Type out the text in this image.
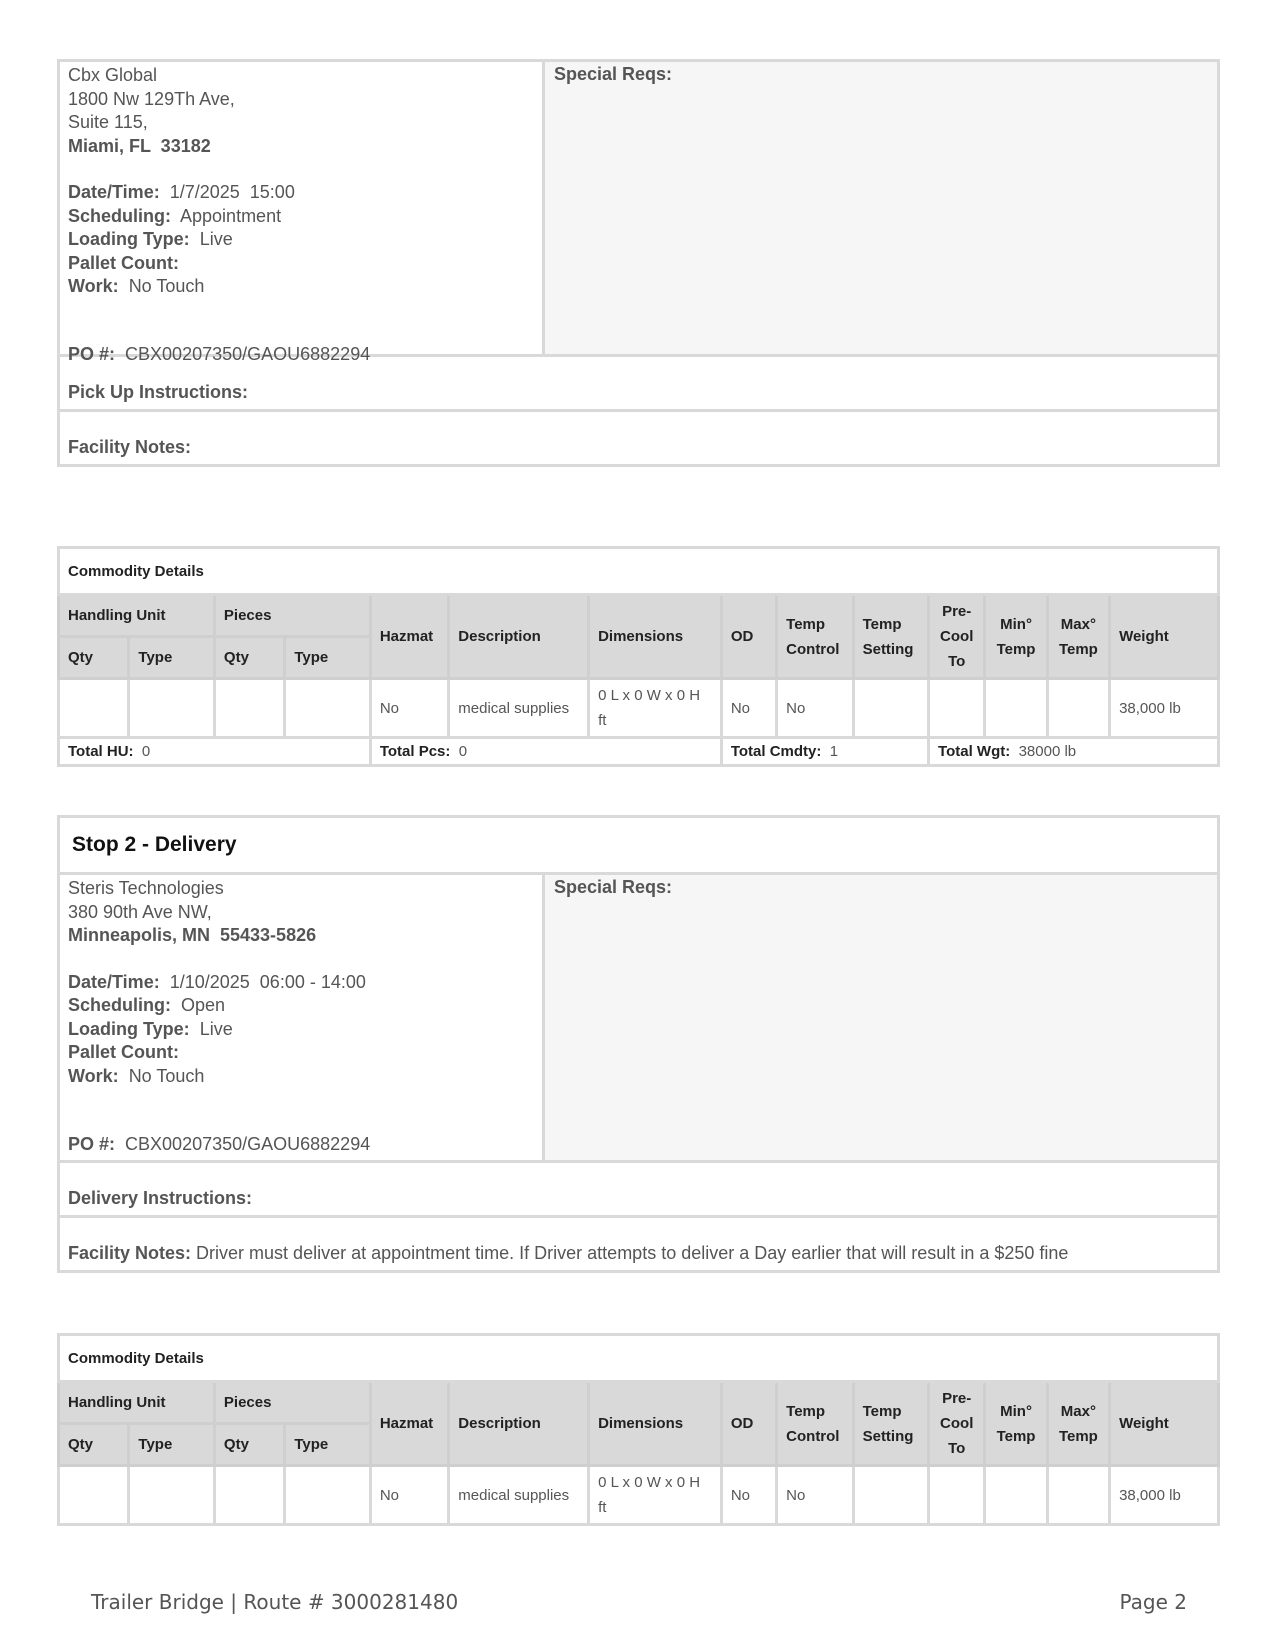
Cbx Global
1800 Nw 129Th Ave,
Suite 115,
Miami, FL  33182
Date/Time: 1/7/2025  15:00
Scheduling: Appointment
Loading Type: Live
Pallet Count:
Work: No Touch
PO #: CBX00207350/GAOU6882294
Special Reqs:
Pick Up Instructions:
Facility Notes:
Commodity Details													
Handling Unit		Pieces		Hazmat	Description	Dimensions	OD	Temp Control	Temp Setting	Pre-Cool To	Min° Temp	Max° Temp	Weight
Qty	Type	Qty	Type										
				No	medical supplies	0 L x 0 W x 0 H ft	No	No					38,000 lb
Total HU: 0				Total Pcs: 0			Total Cmdty: 1			Total Wgt: 38000 lb			
Stop 2 - Delivery
Steris Technologies
380 90th Ave NW,
Minneapolis, MN  55433-5826
Date/Time: 1/10/2025  06:00 - 14:00
Scheduling: Open
Loading Type: Live
Pallet Count:
Work: No Touch
PO #: CBX00207350/GAOU6882294
Special Reqs:
Delivery Instructions:
Facility Notes:
Driver must deliver at appointment time. If Driver attempts to deliver a Day earlier that will result in a $250 fine
Commodity Details													
Handling Unit		Pieces		Hazmat	Description	Dimensions	OD	Temp Control	Temp Setting	Pre-Cool To	Min° Temp	Max° Temp	Weight
Qty	Type	Qty	Type										
				No	medical supplies	0 L x 0 W x 0 H ft	No	No					38,000 lb
Trailer Bridge | Route # 3000281480	Page 2
